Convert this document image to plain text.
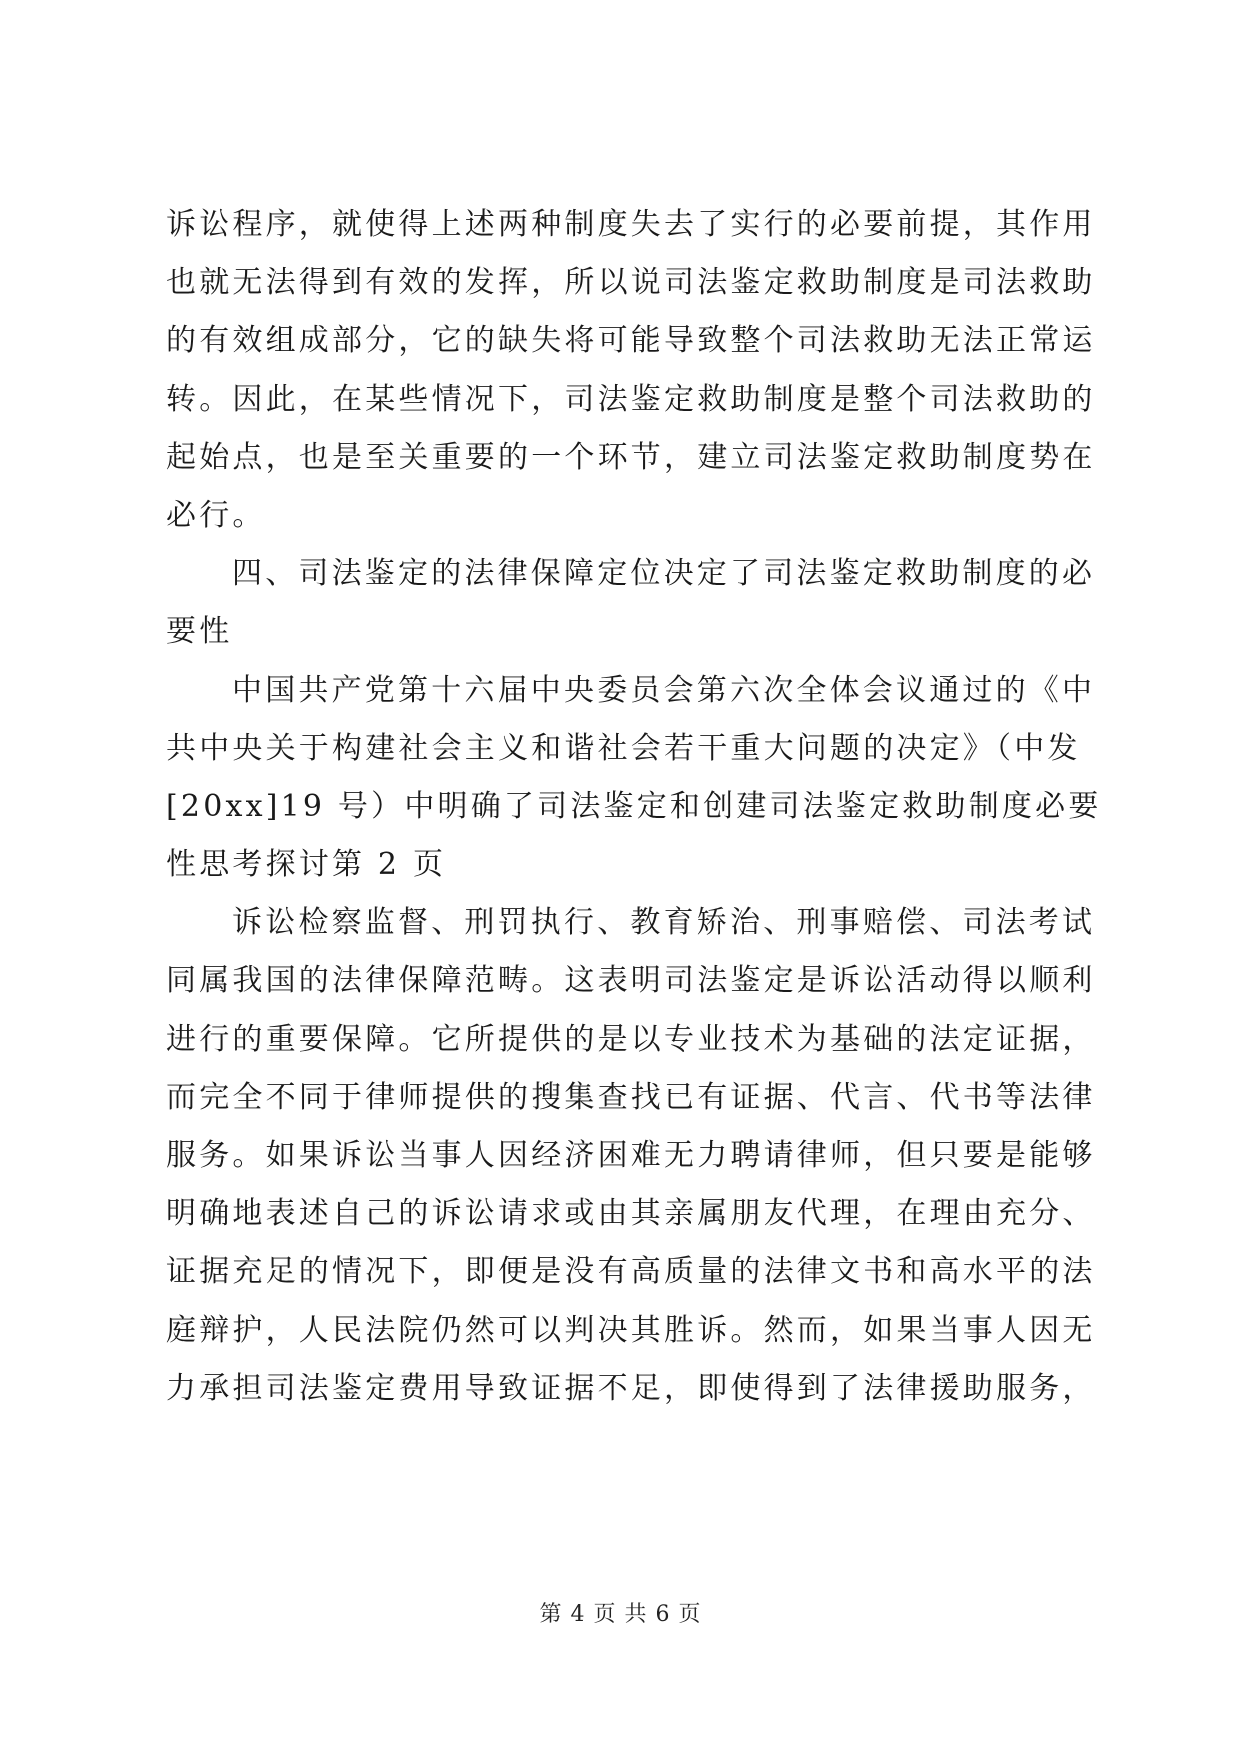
诉讼程序，就使得上述两种制度失去了实行的必要前提，其作用
也就无法得到有效的发挥，所以说司法鉴定救助制度是司法救助
的有效组成部分，它的缺失将可能导致整个司法救助无法正常运
转。因此，在某些情况下，司法鉴定救助制度是整个司法救助的
起始点，也是至关重要的一个环节，建立司法鉴定救助制度势在
必行。
四、司法鉴定的法律保障定位决定了司法鉴定救助制度的必
要性
中国共产党第十六届中央委员会第六次全体会议通过的《中
共中央关于构建社会主义和谐社会若干重大问题的决定》（中发
[20xx]19 号）中明确了司法鉴定和创建司法鉴定救助制度必要
性思考探讨第 2 页
诉讼检察监督、刑罚执行、教育矫治、刑事赔偿、司法考试
同属我国的法律保障范畴。这表明司法鉴定是诉讼活动得以顺利
进行的重要保障。它所提供的是以专业技术为基础的法定证据，
而完全不同于律师提供的搜集查找已有证据、代言、代书等法律
服务。如果诉讼当事人因经济困难无力聘请律师，但只要是能够
明确地表述自己的诉讼请求或由其亲属朋友代理，在理由充分、
证据充足的情况下，即便是没有高质量的法律文书和高水平的法
庭辩护，人民法院仍然可以判决其胜诉。然而，如果当事人因无
力承担司法鉴定费用导致证据不足，即使得到了法律援助服务，
第 4 页 共 6 页
